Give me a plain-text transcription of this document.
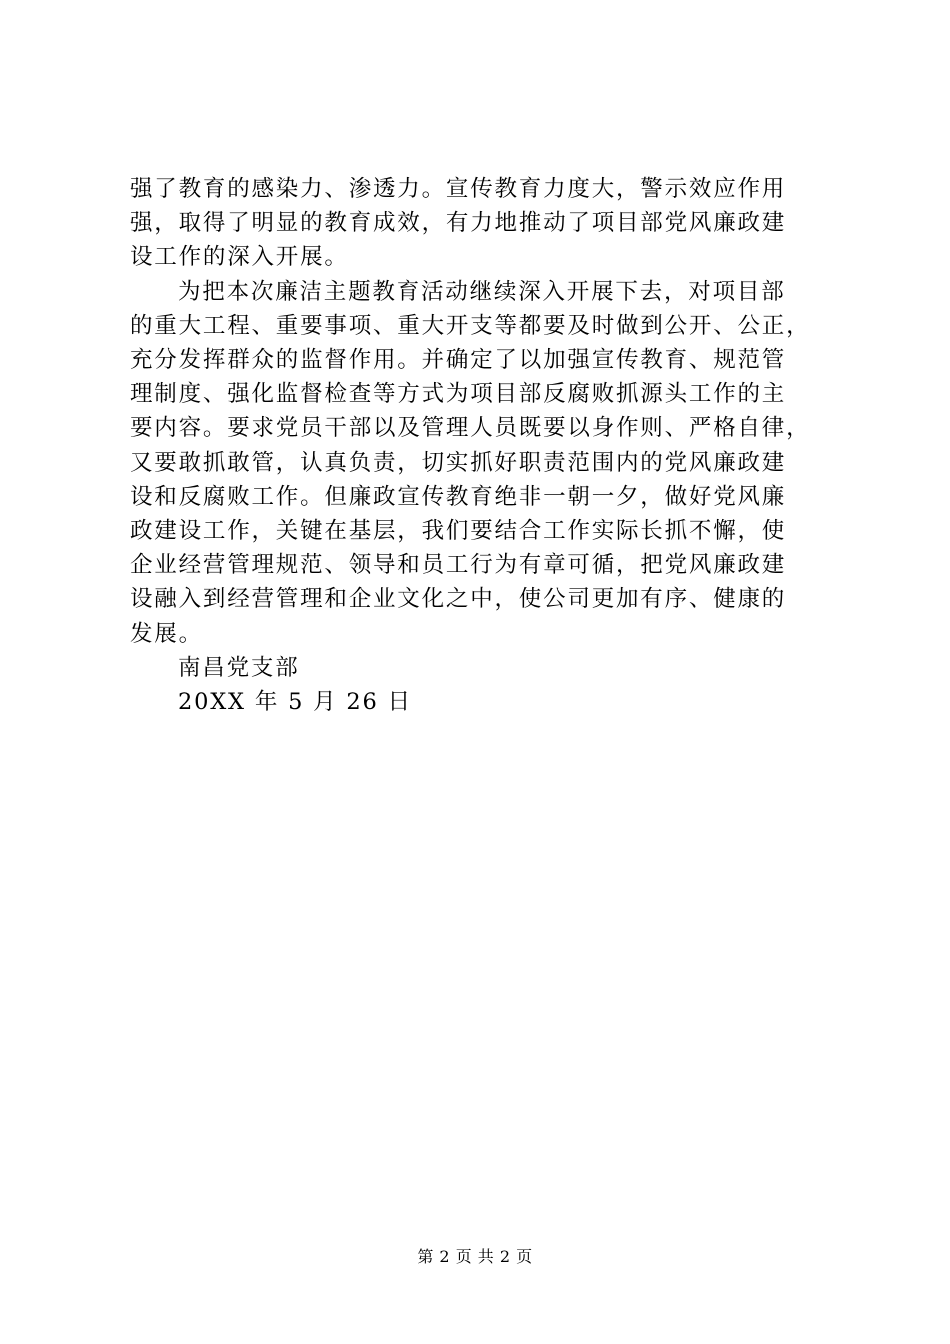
强了教育的感染力、渗透力。宣传教育力度大，警示效应作用
强，取得了明显的教育成效，有力地推动了项目部党风廉政建
设工作的深入开展。
为把本次廉洁主题教育活动继续深入开展下去，对项目部
的重大工程、重要事项、重大开支等都要及时做到公开、公正，
充分发挥群众的监督作用。并确定了以加强宣传教育、规范管
理制度、强化监督检查等方式为项目部反腐败抓源头工作的主
要内容。要求党员干部以及管理人员既要以身作则、严格自律，
又要敢抓敢管，认真负责，切实抓好职责范围内的党风廉政建
设和反腐败工作。但廉政宣传教育绝非一朝一夕，做好党风廉
政建设工作，关键在基层，我们要结合工作实际长抓不懈，使
企业经营管理规范、领导和员工行为有章可循，把党风廉政建
设融入到经营管理和企业文化之中，使公司更加有序、健康的
发展。
南昌党支部
20XX 年 5 月 26 日
第 2 页 共 2 页
